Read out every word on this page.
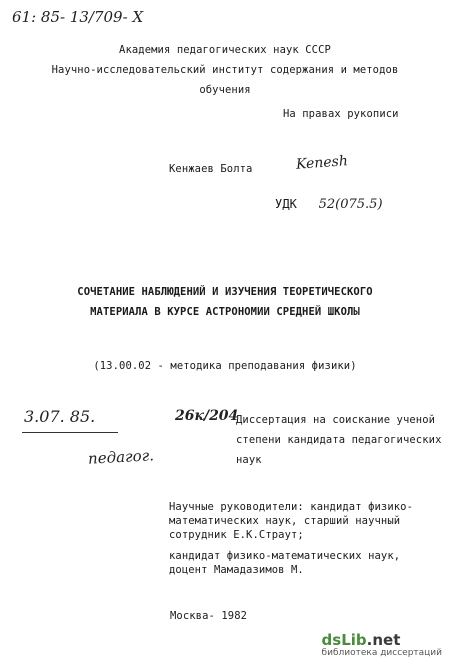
61: 85- 13/709- X
Академия педагогических наук СССР
Научно-исследовательский институт содержания и методов
обучения
На правах рукописи
Кенжаев Болта	Kenesh
УДК 52(075.5)
СОЧЕТАНИЕ НАБЛЮДЕНИЙ И ИЗУЧЕНИЯ ТЕОРЕТИЧЕСКОГО
МАТЕРИАЛА В КУРСЕ АСТРОНОМИИ СРЕДНЕЙ ШКОЛЫ
(13.00.02 - методика преподавания физики)
3.07. 85.	26к/204
педагог.
Диссертация на соискание ученой
степени кандидата педагогических
наук
Научные руководители: кандидат физико-
математических наук, старший научный
сотрудник Е.К.Страут;
кандидат физико-математических наук,
доцент Мамадазимов М.
Москва- 1982
dsLib.net
библиотека диссертаций
